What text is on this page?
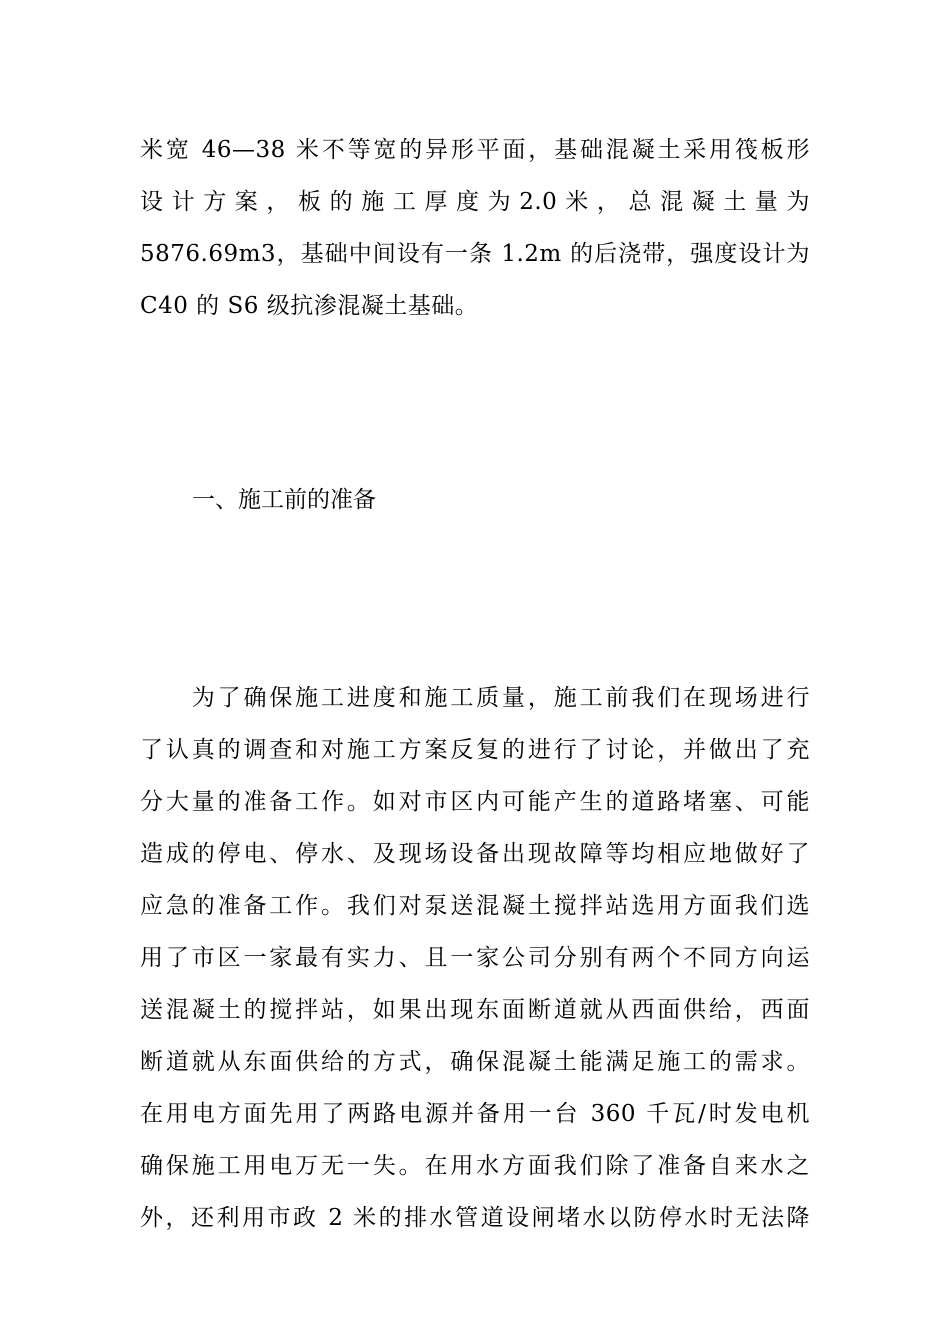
米宽 46—38 米不等宽的异形平面，基础混凝土采用筏板形
设 计 方 案 ， 板 的 施 工 厚 度 为 2.0 米 ， 总 混 凝 土 量 为
5876.69m3，基础中间设有一条 1.2m 的后浇带，强度设计为
C40 的 S6 级抗渗混凝土基础。
一、施工前的准备
　　为了确保施工进度和施工质量，施工前我们在现场进行
了认真的调查和对施工方案反复的进行了讨论，并做出了充
分大量的准备工作。如对市区内可能产生的道路堵塞、可能
造成的停电、停水、及现场设备出现故障等均相应地做好了
应急的准备工作。我们对泵送混凝土搅拌站选用方面我们选
用了市区一家最有实力、且一家公司分别有两个不同方向运
送混凝土的搅拌站，如果出现东面断道就从西面供给，西面
断道就从东面供给的方式，确保混凝土能满足施工的需求。
在用电方面先用了两路电源并备用一台 360 千瓦/时发电机
确保施工用电万无一失。在用水方面我们除了准备自来水之
外，还利用市政 2 米的排水管道设闸堵水以防停水时无法降
